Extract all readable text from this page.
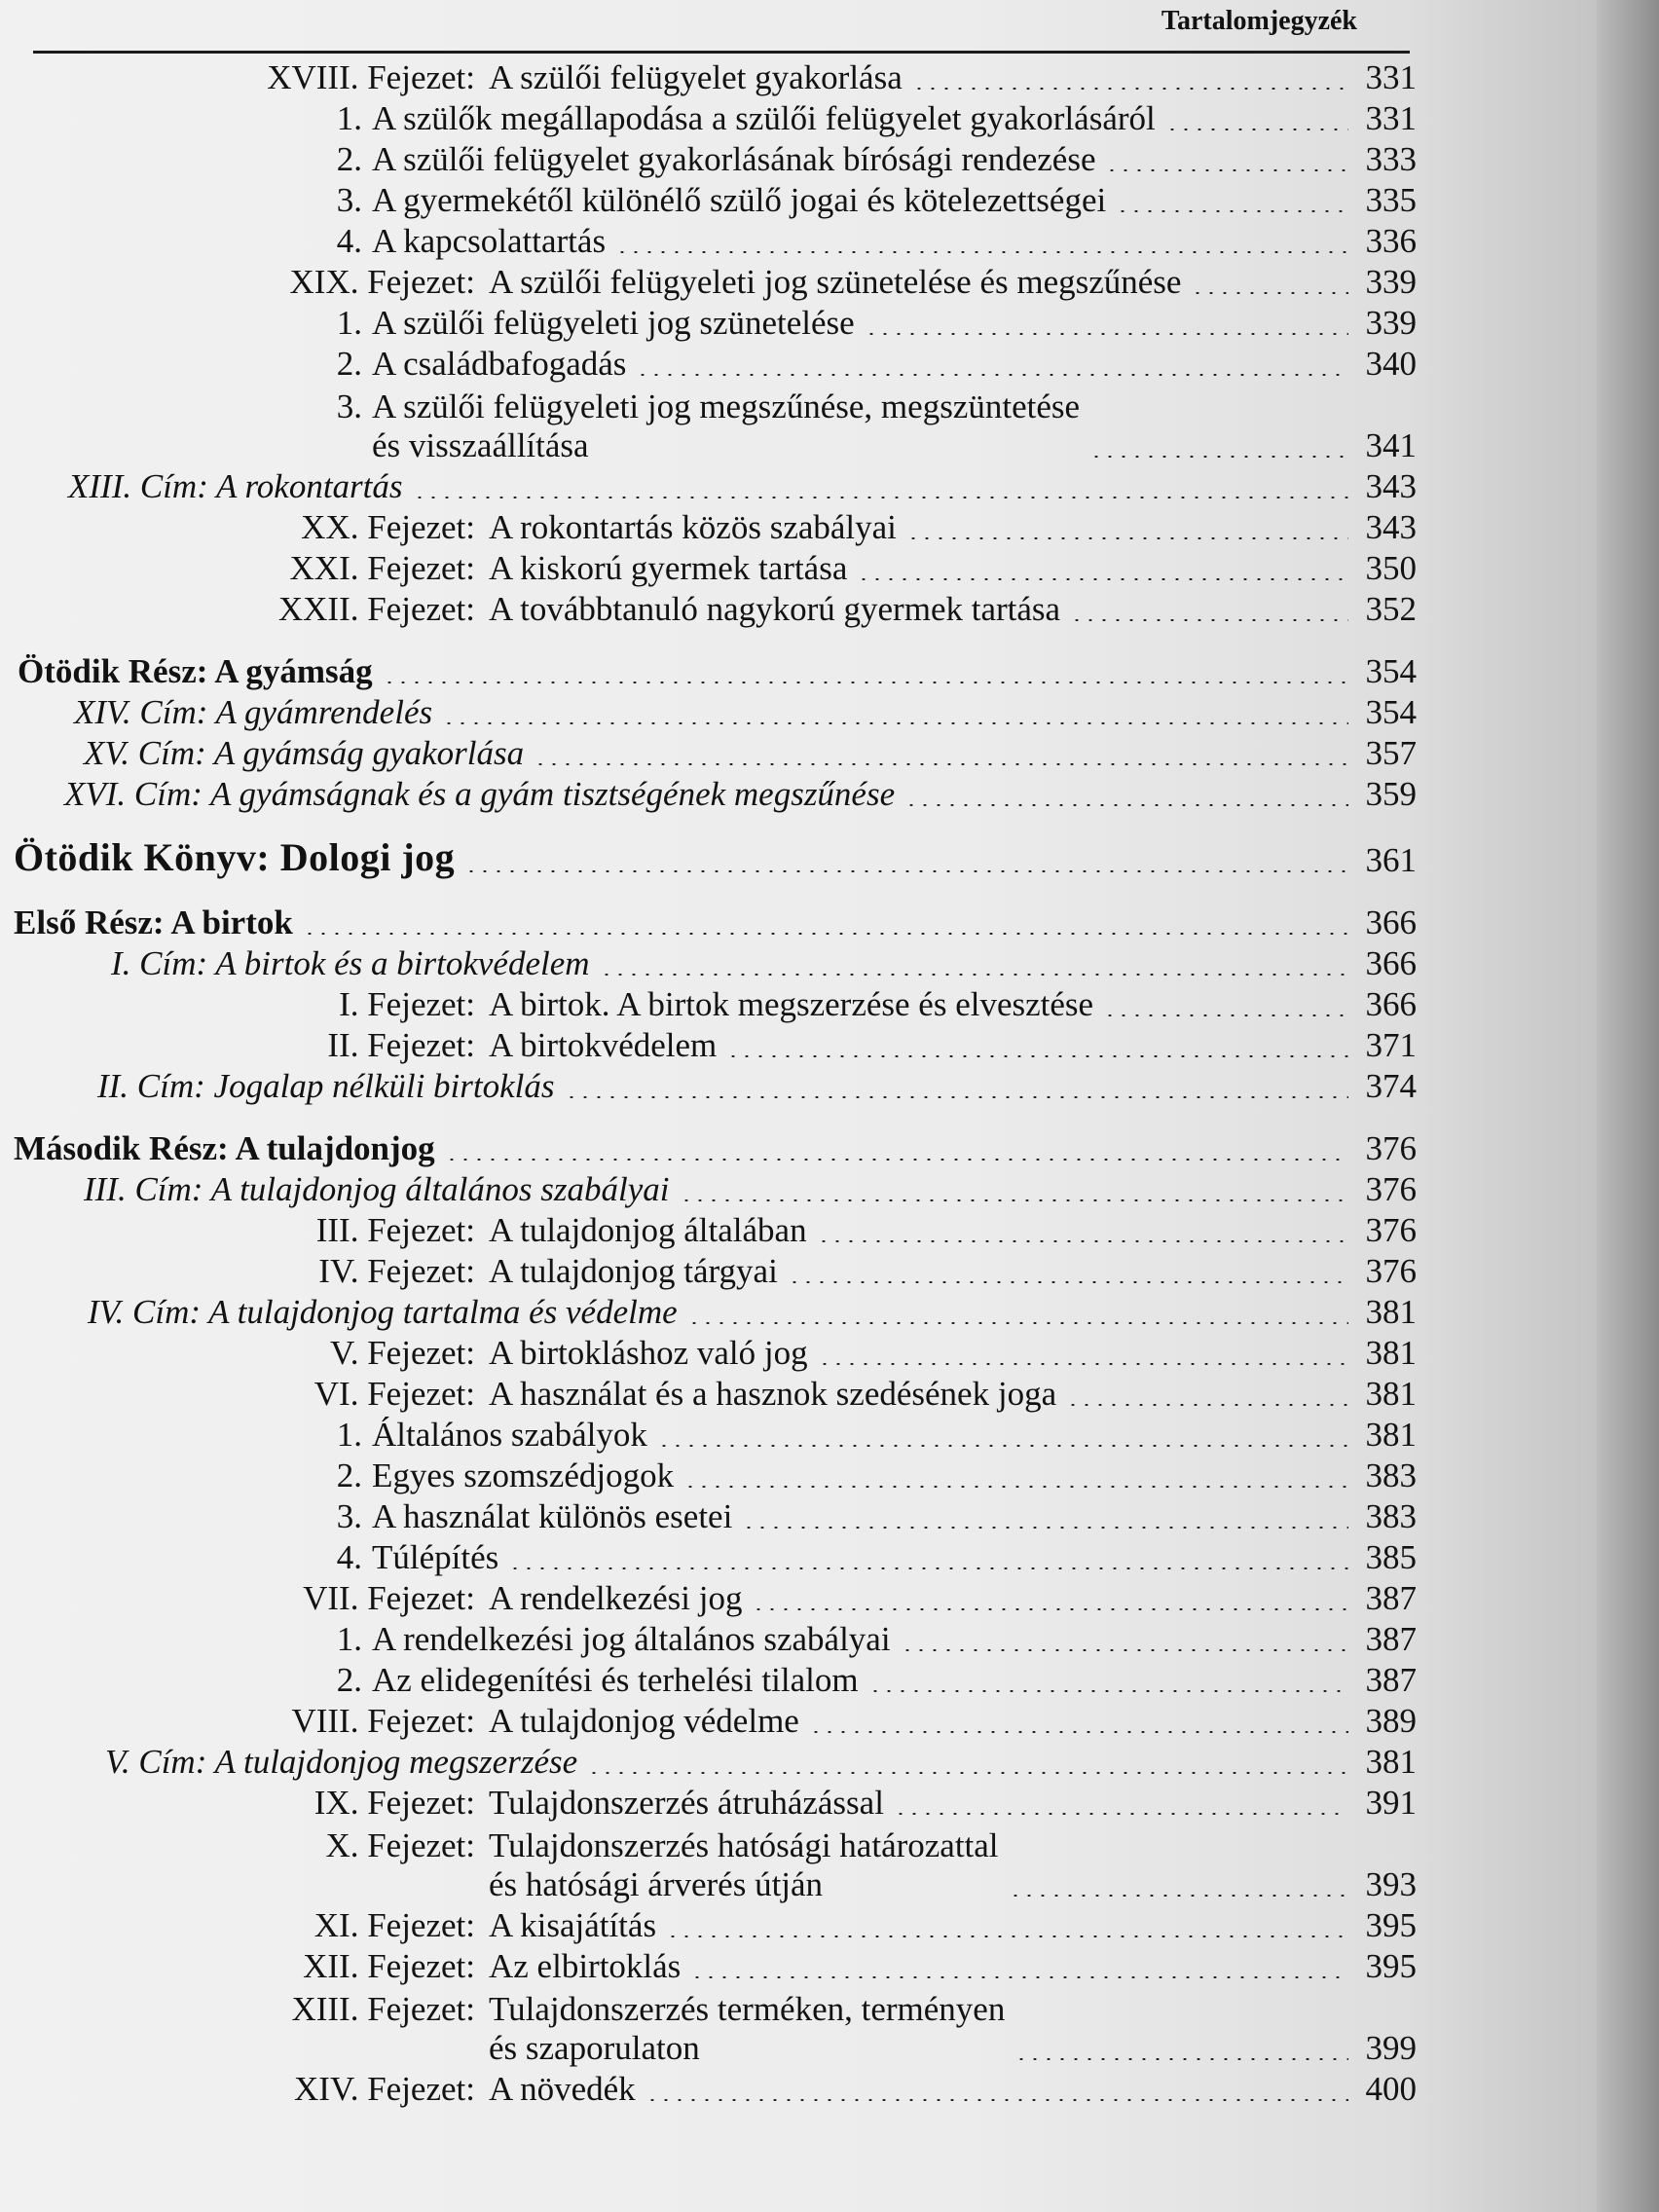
Tartalomjegyzék
XVIII. Fejezet: A szülői felügyelet gyakorlása	331
1. A szülők megállapodása a szülői felügyelet gyakorlásáról	331
2. A szülői felügyelet gyakorlásának bírósági rendezése	333
3. A gyermekétől különélő szülő jogai és kötelezettségei	335
4. A kapcsolattartás	336
XIX. Fejezet: A szülői felügyeleti jog szünetelése és megszűnése	339
1. A szülői felügyeleti jog szünetelése	339
2. A családbafogadás	340
3. A szülői felügyeleti jog megszűnése, megszüntetése
és visszaállítása	341
XIII. Cím: A rokontartás	343
XX. Fejezet: A rokontartás közös szabályai	343
XXI. Fejezet: A kiskorú gyermek tartása	350
XXII. Fejezet: A továbbtanuló nagykorú gyermek tartása	352
Ötödik Rész: A gyámság	354
XIV. Cím: A gyámrendelés	354
XV. Cím: A gyámság gyakorlása	357
XVI. Cím: A gyámságnak és a gyám tisztségének megszűnése	359
Ötödik Könyv: Dologi jog	361
Első Rész: A birtok	366
I. Cím: A birtok és a birtokvédelem	366
I. Fejezet: A birtok. A birtok megszerzése és elvesztése	366
II. Fejezet: A birtokvédelem	371
II. Cím: Jogalap nélküli birtoklás	374
Második Rész: A tulajdonjog	376
III. Cím: A tulajdonjog általános szabályai	376
III. Fejezet: A tulajdonjog általában	376
IV. Fejezet: A tulajdonjog tárgyai	376
IV. Cím: A tulajdonjog tartalma és védelme	381
V. Fejezet: A birtokláshoz való jog	381
VI. Fejezet: A használat és a hasznok szedésének joga	381
1. Általános szabályok	381
2. Egyes szomszédjogok	383
3. A használat különös esetei	383
4. Túlépítés	385
VII. Fejezet: A rendelkezési jog	387
1. A rendelkezési jog általános szabályai	387
2. Az elidegenítési és terhelési tilalom	387
VIII. Fejezet: A tulajdonjog védelme	389
V. Cím: A tulajdonjog megszerzése	381
IX. Fejezet: Tulajdonszerzés átruházással	391
X. Fejezet: Tulajdonszerzés hatósági határozattal
és hatósági árverés útján	393
XI. Fejezet: A kisajátítás	395
XII. Fejezet: Az elbirtoklás	395
XIII. Fejezet: Tulajdonszerzés terméken, terményen
és szaporulaton	399
XIV. Fejezet: A növedék	400
